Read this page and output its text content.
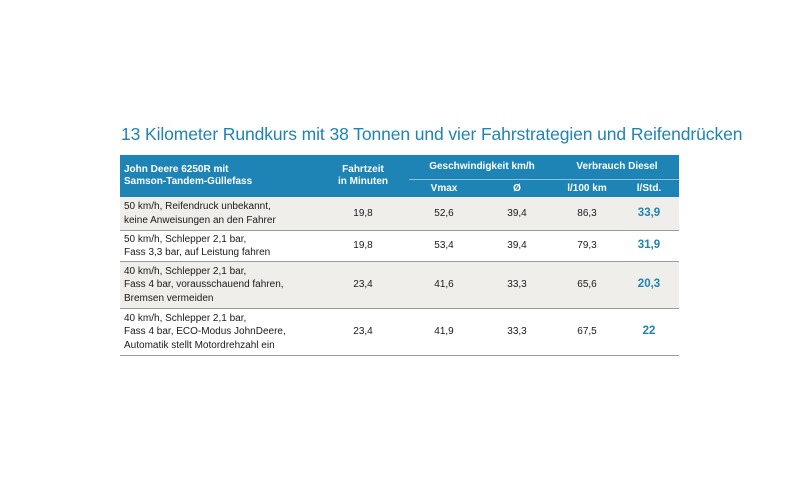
13 Kilometer Rundkurs mit 38 Tonnen und vier Fahrstrategien und Reifendrücken
John Deere 6250R mit
Samson-Tandem-Güllefass	Fahrtzeit
in Minuten	Geschwindigkeit km/h		Verbrauch Diesel	
		Vmax	Ø	l/100 km	l/Std.

50 km/h, Reifendruck unbekannt,
keine Anweisungen an den Fahrer	19,8	52,6	39,4	86,3	33,9

50 km/h, Schlepper 2,1 bar,
Fass 3,3 bar, auf Leistung fahren	19,8	53,4	39,4	79,3	31,9

40 km/h, Schlepper 2,1 bar,
Fass 4 bar, vorausschauend fahren,
Bremsen vermeiden	23,4	41,6	33,3	65,6	20,3

40 km/h, Schlepper 2,1 bar,
Fass 4 bar, ECO-Modus JohnDeere,
Automatik stellt Motordrehzahl ein	23,4	41,9	33,3	67,5	22
